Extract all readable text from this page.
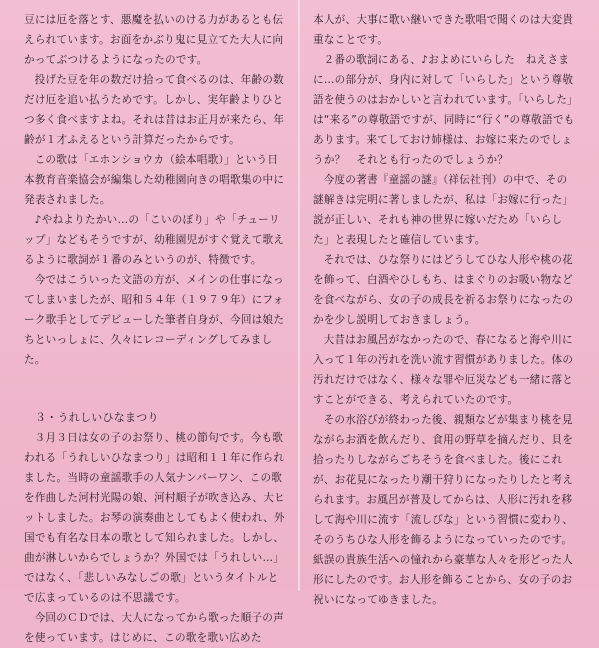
豆には厄を落とす、悪魔を払いのける力があるとも伝えられています。お面をかぶり鬼に見立てた大人に向かってぶつけるようになったのです。

投げた豆を年の数だけ拾って食べるのは、年齢の数だけ厄を追い払うためです。しかし、実年齢よりひとつ多く食べますよね。それは昔はお正月が来たら、年齢が１才ふえるという計算だったからです。

この歌は「エホンショウカ（絵本唱歌）」という日本教育音楽協会が編集した幼稚園向きの唱歌集の中に発表されました。

♪やねよりたかい…の「こいのぼり」や「チューリップ」などもそうですが、幼稚園児がすぐ覚えて歌えるように歌詞が１番のみというのが、特徴です。

今ではこういった文語の方が、メインの仕事になってしまいましたが、昭和５４年（１９７９年）にフォーク歌手としてデビューした筆者自身が、今回は娘たちといっしょに、久々にレコーディングしてみました。

３・うれしいひなまつり

３月３日は女の子のお祭り、桃の節句です。今も歌われる「うれしいひなまつり」は昭和１１年に作られました。当時の童謡歌手の人気ナンバーワン、この歌を作曲した河村光陽の娘、河村順子が吹き込み、大ヒットしました。お琴の演奏曲としてもよく使われ、外国でも有名な日本の歌として知られました。しかし、曲が淋しいからでしょうか？外国では「うれしい…」ではなく、「悲しいみなしごの歌」というタイトルとで広まっているのは不思議です。

今回のＣＤでは、大人になってから歌った順子の声を使っています。はじめに、この歌を歌い広めた

本人が、大事に歌い継いできた歌唱で聞くのは大変貴重なことです。

２番の歌詞にある、♪およめにいらした　ねえさまに…の部分が、身内に対して「いらした」という尊敬語を使うのはおかしいと言われています。「いらした」は“来る”の尊敬語ですが、同時に“行く”の尊敬語でもあります。来てしておけ姉様は、お嫁に来たのでしょうか？　それとも行ったのでしょうか？

今度の著書『童謡の謎』（祥伝社刊）の中で、その謎解きは完明に著しましたが、私は「お嫁に行った」説が正しい、それも神の世界に嫁いだため「いらした」と表現したと確信しています。

それでは、ひな祭りにはどうしてひな人形や桃の花を飾って、白酒やひしもち、はまぐりのお吸い物などを食べながら、女の子の成長を祈るお祭りになったのかを少し説明しておきましょう。

大昔はお風呂がなかったので、春になると海や川に入って１年の汚れを洗い流す習慣がありました。体の汚れだけではなく、様々な罪や厄災なども一緒に落とすことができる、考えられていたのです。

その水浴びが終わった後、親類などが集まり桃を見ながらお酒を飲んだり、食用の野草を摘んだり、貝を拾ったりしながらごちそうを食べました。後にこれが、お花見になったり潮干狩りになったりしたと考えられます。お風呂が普及してからは、人形に汚れを移して海や川に流す「流しびな」という習慣に変わり、そのうちひな人形を飾るようになっていったのです。紙誤の貴族生活への憧れから豪華な人々を形どった人形にしたのです。お人形を飾ることから、女の子のお祝いになってゆきました。
